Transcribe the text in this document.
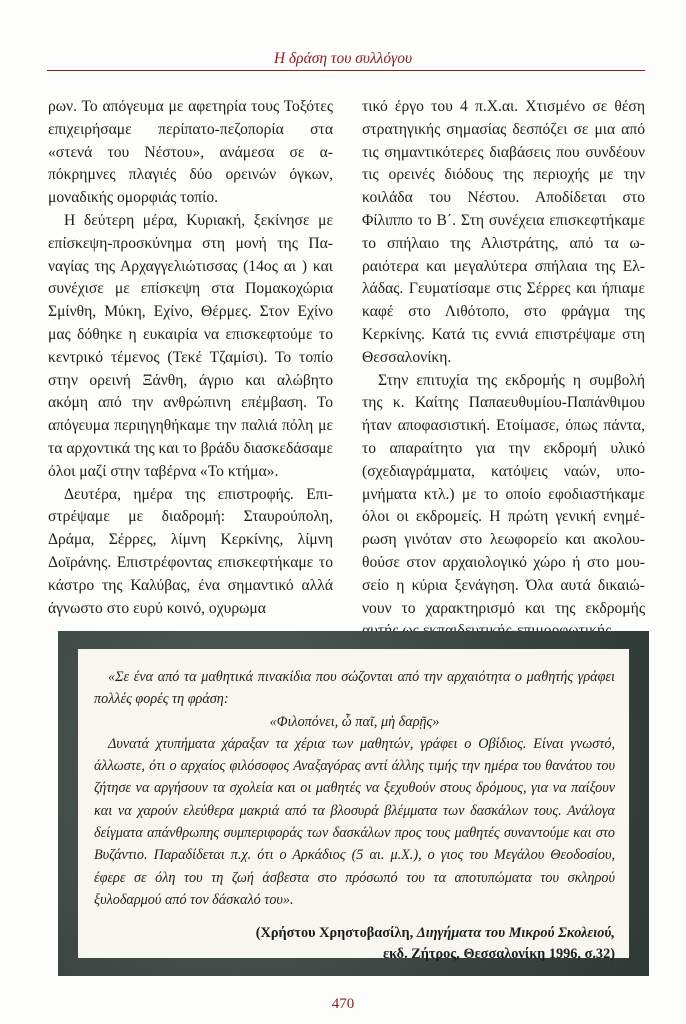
Η δράση του συλλόγου

ρων. Το απόγευμα με αφετηρία τους Τοξότες επιχειρήσαμε περίπατο-πεζοπορία στα «στενά του Νέστου», ανάμεσα σε απόκρημνες πλαγιές δύο ορεινών όγκων, μοναδικής ομορφιάς τοπίο.

Η δεύτερη μέρα, Κυριακή, ξεκίνησε με επίσκεψη-προσκύνημα στη μονή της Παναγίας της Αρχαγγελιώτισσας (14ος αι ) και συνέχισε με επίσκεψη στα Πομακοχώρια Σμίνθη, Μύκη, Εχίνο, Θέρμες. Στον Εχίνο μας δόθηκε η ευκαιρία να επισκεφτούμε το κεντρικό τέμενος (Τεκέ Τζαμίσι). Το τοπίο στην ορεινή Ξάνθη, άγριο και αλώβητο ακόμη από την ανθρώπινη επέμβαση. Το απόγευμα περιηγηθήκαμε την παλιά πόλη με τα αρχοντικά της και το βράδυ διασκεδάσαμε όλοι μαζί στην ταβέρνα «Το κτήμα».

Δευτέρα, ημέρα της επιστροφής. Επιστρέψαμε με διαδρομή: Σταυρούπολη, Δράμα, Σέρρες, λίμνη Κερκίνης, λίμνη Δοϊράνης. Επιστρέφοντας επισκεφτήκαμε το κάστρο της Καλύβας, ένα σημαντικό αλλά άγνωστο στο ευρύ κοινό, οχυρωμα

τικό έργο του 4 π.Χ.αι. Χτισμένο σε θέση στρατηγικής σημασίας δεσπόζει σε μια από τις σημαντικότερες διαβάσεις που συνδέουν τις ορεινές διόδους της περιοχής με την κοιλάδα του Νέστου. Αποδίδεται στο Φίλιππο το Β΄. Στη συνέχεια επισκεφτήκαμε το σπήλαιο της Αλιστράτης, από τα ωραιότερα και μεγαλύτερα σπήλαια της Ελλάδας. Γευματίσαμε στις Σέρρες και ήπιαμε καφέ στο Λιθότοπο, στο φράγμα της Κερκίνης. Κατά τις εννιά επιστρέψαμε στη Θεσσαλονίκη.

Στην επιτυχία της εκδρομής η συμβολή της κ. Καίτης Παπαευθυμίου-Παπάνθιμου ήταν αποφασιστική. Ετοίμασε, όπως πάντα, το απαραίτητο για την εκδρομή υλικό (σχεδιαγράμματα, κατόψεις ναών, υπομνήματα κτλ.) με το οποίο εφοδιαστήκαμε όλοι οι εκδρομείς. Η πρώτη γενική ενημέρωση γινόταν στο λεωφορείο και ακολουθούσε στον αρχαιολογικό χώρο ή στο μουσείο η κύρια ξενάγηση. Όλα αυτά δικαιώνουν το χαρακτηρισμό και της εκδρομής

«Σε ένα από τα μαθητικά πινακίδια που σώζονται από την αρχαιότητα ο μαθητής γράφει πολλές φορές τη φράση:

«Φιλοπόνει, ὦ παῖ, μὴ δαρῇς»

Δυνατά χτυπήματα χάραξαν τα χέρια των μαθητών, γράφει ο Οβίδιος. Είναι γνωστό, άλλωστε, ότι ο αρχαίος φιλόσοφος Αναξαγόρας αντί άλλης τιμής την ημέρα του θανάτου του ζήτησε να αργήσουν τα σχολεία και οι μαθητές να ξεχυθούν στους δρόμους, για να παίξουν και να χαρούν ελεύθερα μακριά από τα βλοσυρά βλέμματα των δασκάλων τους. Ανάλογα δείγματα απάνθρωπης συμπεριφοράς των δασκάλων προς τους μαθητές συναντούμε και στο Βυζάντιο. Παραδίδεται π.χ. ότι ο Αρκάδιος (5 αι. μ.Χ.), ο γιος του Μεγάλου Θεοδοσίου, έφερε σε όλη του τη ζωή άσβεστα στο πρόσωπό του τα αποτυπώματα του σκληρού ξυλοδαρμού από τον δάσκαλό του».

(Χρήστου Χρηστοβασίλη, Διηγήματα του Μικρού Σκολειού,
εκδ. Ζήτρος, Θεσσαλονίκη 1996, σ.32)

470
